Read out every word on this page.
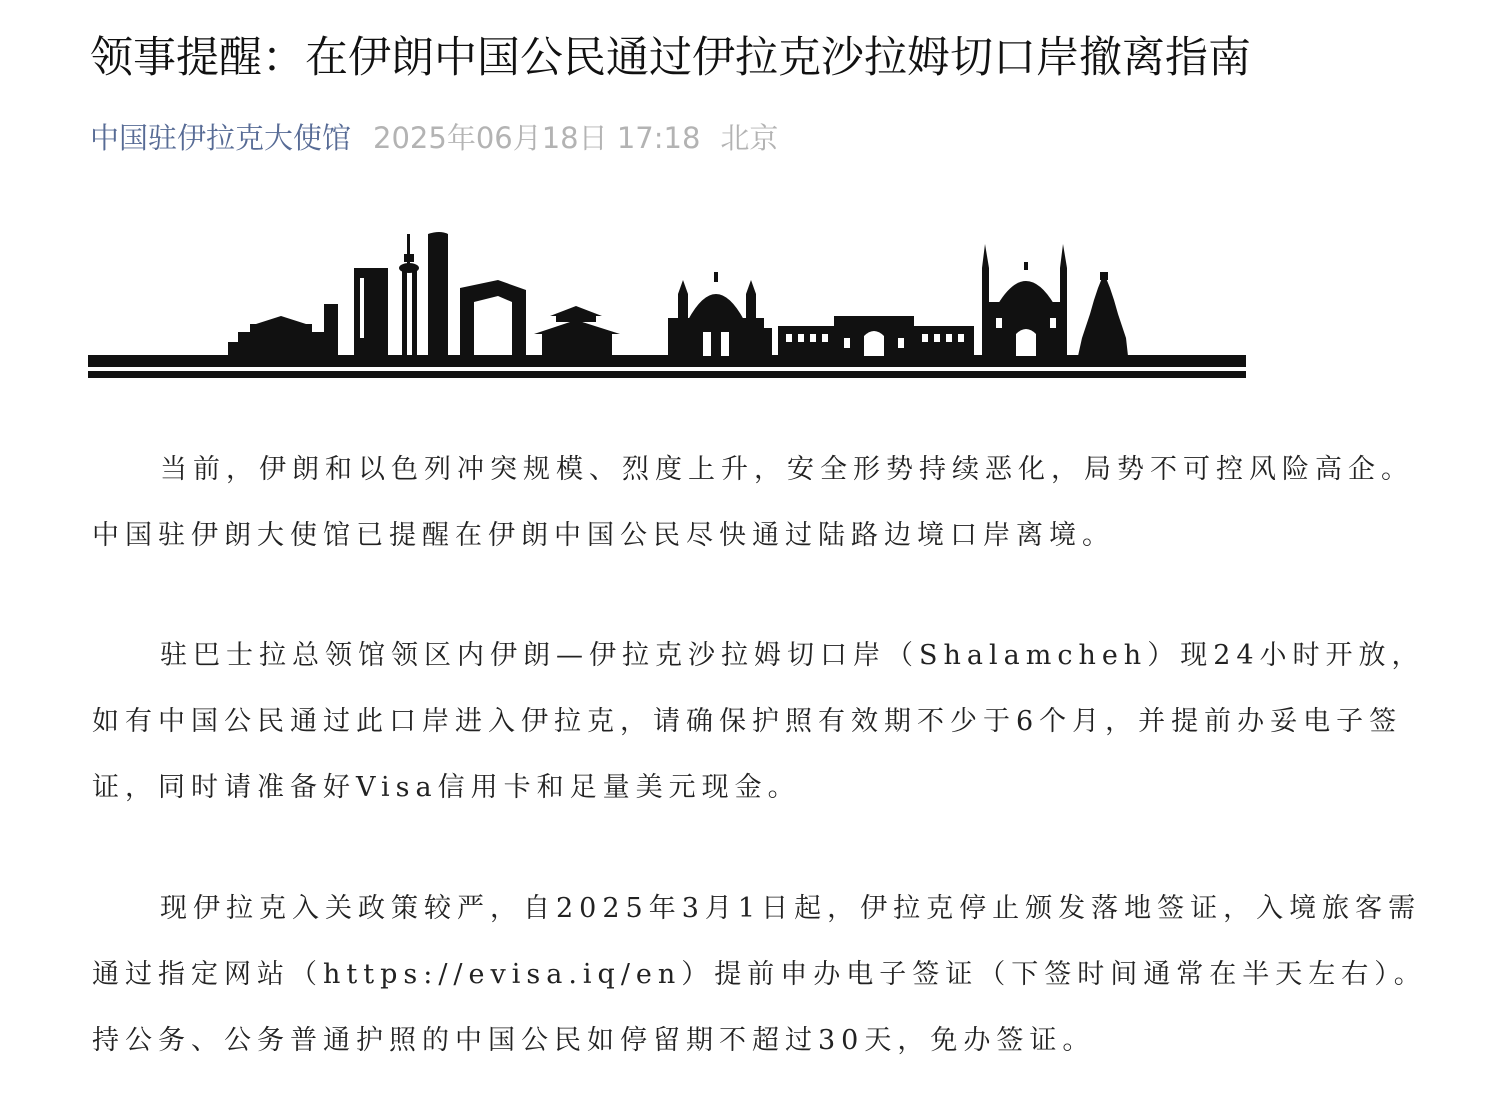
领事提醒：在伊朗中国公民通过伊拉克沙拉姆切口岸撤离指南
中国驻伊拉克大使馆 2025年06月18日 17:18 北京

当前，伊朗和以色列冲突规模、烈度上升，安全形势持续恶化，局势不可控风险高企。中国驻伊朗大使馆已提醒在伊朗中国公民尽快通过陆路边境口岸离境。

驻巴士拉总领馆领区内伊朗—伊拉克沙拉姆切口岸（Shalamcheh）现24小时开放，如有中国公民通过此口岸进入伊拉克，请确保护照有效期不少于6个月，并提前办妥电子签证，同时请准备好Visa信用卡和足量美元现金。

现伊拉克入关政策较严，自2025年3月1日起，伊拉克停止颁发落地签证，入境旅客需通过指定网站（https://evisa.iq/en）提前申办电子签证（下签时间通常在半天左右）。持公务、公务普通护照的中国公民如停留期不超过30天，免办签证。
